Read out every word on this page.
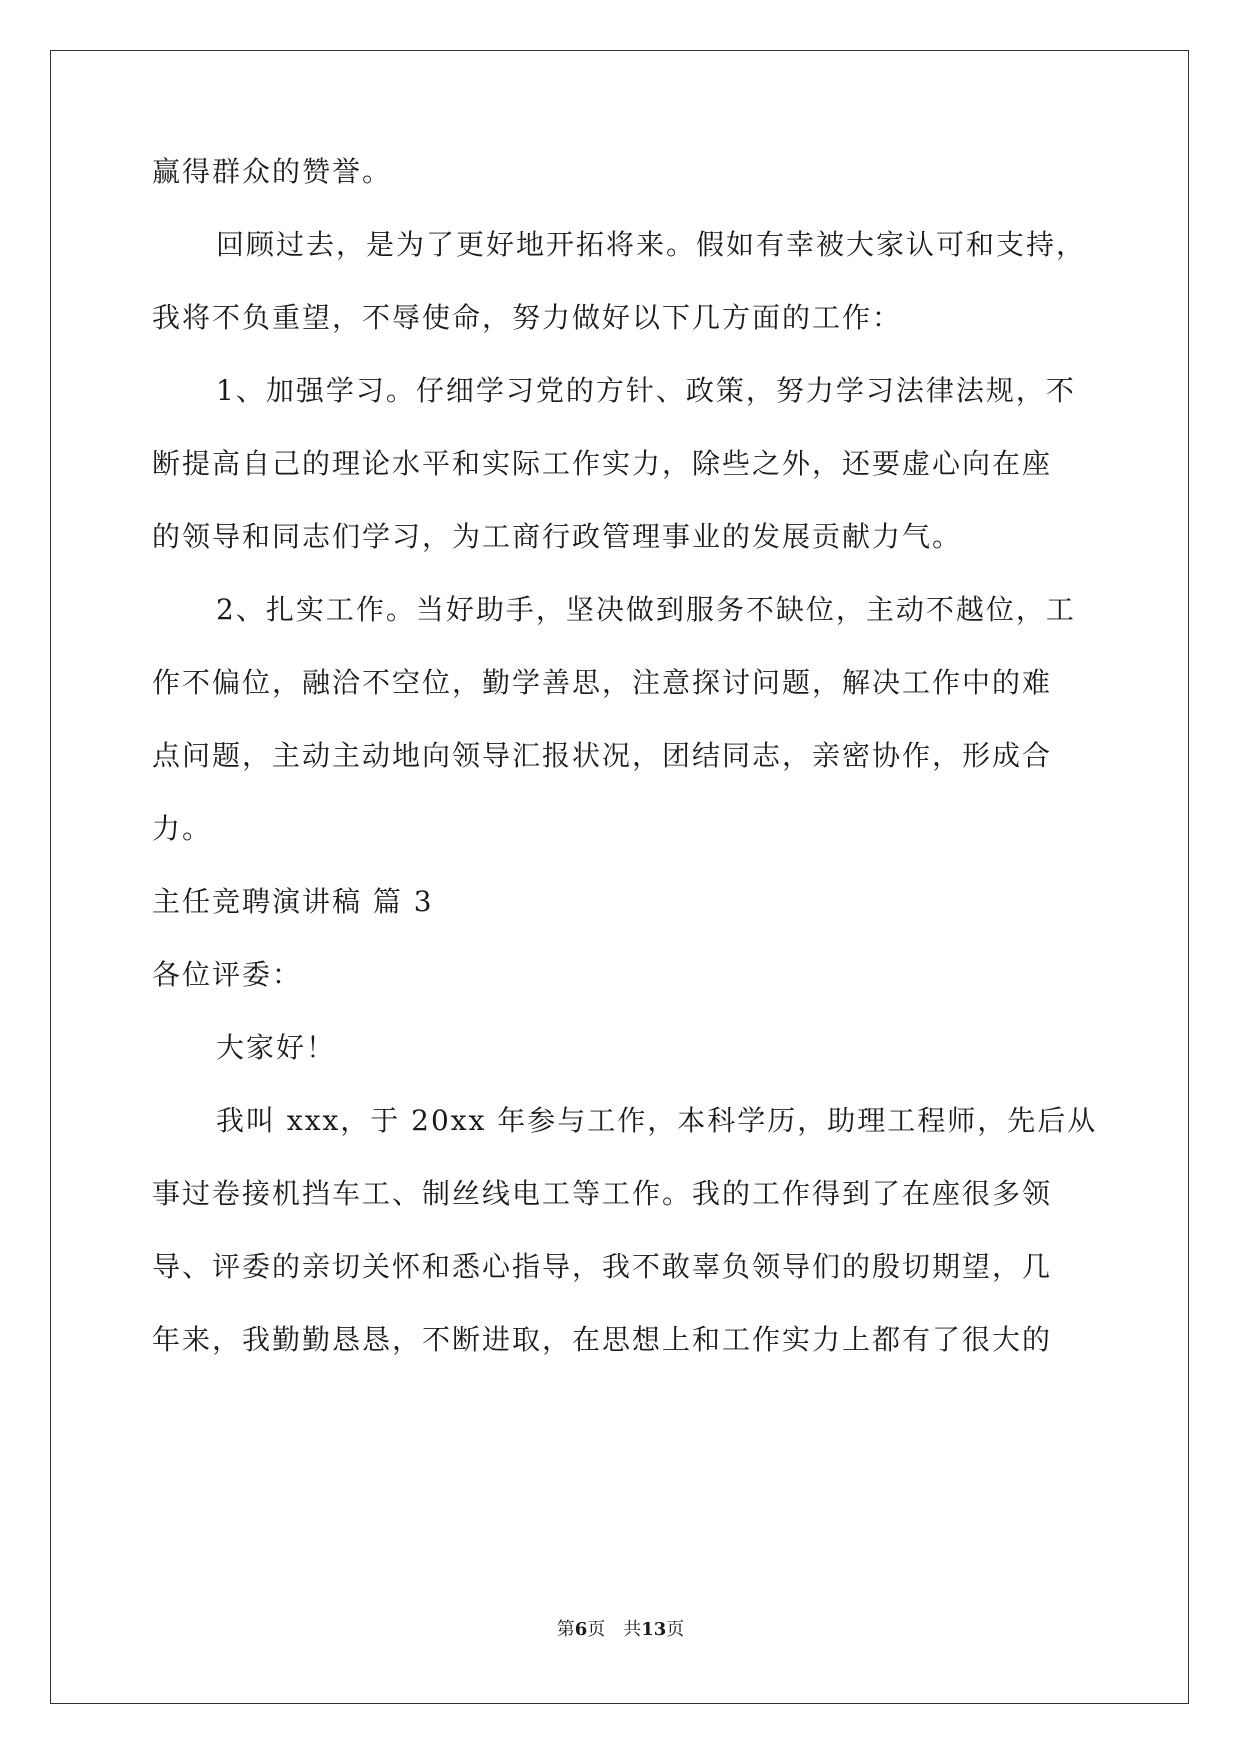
赢得群众的赞誉。
回顾过去，是为了更好地开拓将来。假如有幸被大家认可和支持，
我将不负重望，不辱使命，努力做好以下几方面的工作：
1、加强学习。仔细学习党的方针、政策，努力学习法律法规，不
断提高自己的理论水平和实际工作实力，除些之外，还要虚心向在座
的领导和同志们学习，为工商行政管理事业的发展贡献力气。
2、扎实工作。当好助手，坚决做到服务不缺位，主动不越位，工
作不偏位，融洽不空位，勤学善思，注意探讨问题，解决工作中的难
点问题，主动主动地向领导汇报状况，团结同志，亲密协作，形成合
力。
主任竞聘演讲稿 篇 3
各位评委：
大家好！
我叫 xxx，于 20xx 年参与工作，本科学历，助理工程师，先后从
事过卷接机挡车工、制丝线电工等工作。我的工作得到了在座很多领
导、评委的亲切关怀和悉心指导，我不敢辜负领导们的殷切期望，几
年来，我勤勤恳恳，不断进取，在思想上和工作实力上都有了很大的
第6页　共13页
